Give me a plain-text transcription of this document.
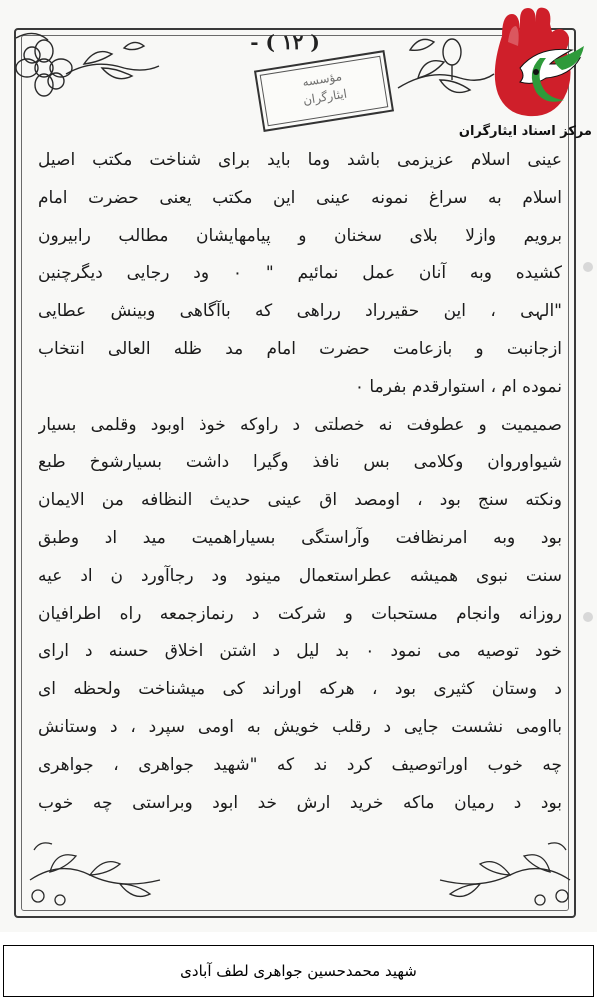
- ( ۱۲ )
مؤسسه
ایثارگران
مرکز اسناد ایثارگران
عینی اسلام عزیزمی باشد وما باید برای شناخت مکتب اصیل
اسلام به سراغ نمونه عینی این مکتب یعنی حضرت امام
برویم وازلا بلای سخنان و پیامهایشان مطالب رابیرون
کشیده وبه آنان عمل نمائیم " ٠ ود رجایی دیگرچنین
"الہی ، این حقیرراد رراهی که باآگاهی وبینش عطایی
ازجانبت و بازعامت حضرت امام مد ظله العالی انتخاب
نموده ام ، استوارقدم بفرما ٠
صمیمیت و عطوفت نه خصلتی د راوکه خوذ اوبود وقلمی بسیار
شیواوروان وکلامی بس نافذ وگیرا داشت بسیارشوخ طبع
ونکته سنج بود ، اومصد اق عینی حدیث النظافه من الایمان
بود وبه امرنظافت وآراستگی بسیاراهمیت مید اد وطبق
سنت نبوی همیشه عطراستعمال مینود ود رجاآورد ن اد عیه
روزانه وانجام مستحبات و شرکت د رنمازجمعه راه اطرافیان
خود توصیه می نمود ٠ بد لیل د اشتن اخلاق حسنه د ارای
د وستان کثیری بود ، هرکه اوراند کی میشناخت ولحظه ای
بااومی نشست جایی د رقلب خویش به اومی سپرد ، د وستانش
چه خوب اوراتوصیف کرد ند که "شهید جواهری ، جواهری
بود د رمیان ماکه خرید ارش خد ابود وبراستی چه خوب
شهید محمدحسین جواهری لطف آبادی
